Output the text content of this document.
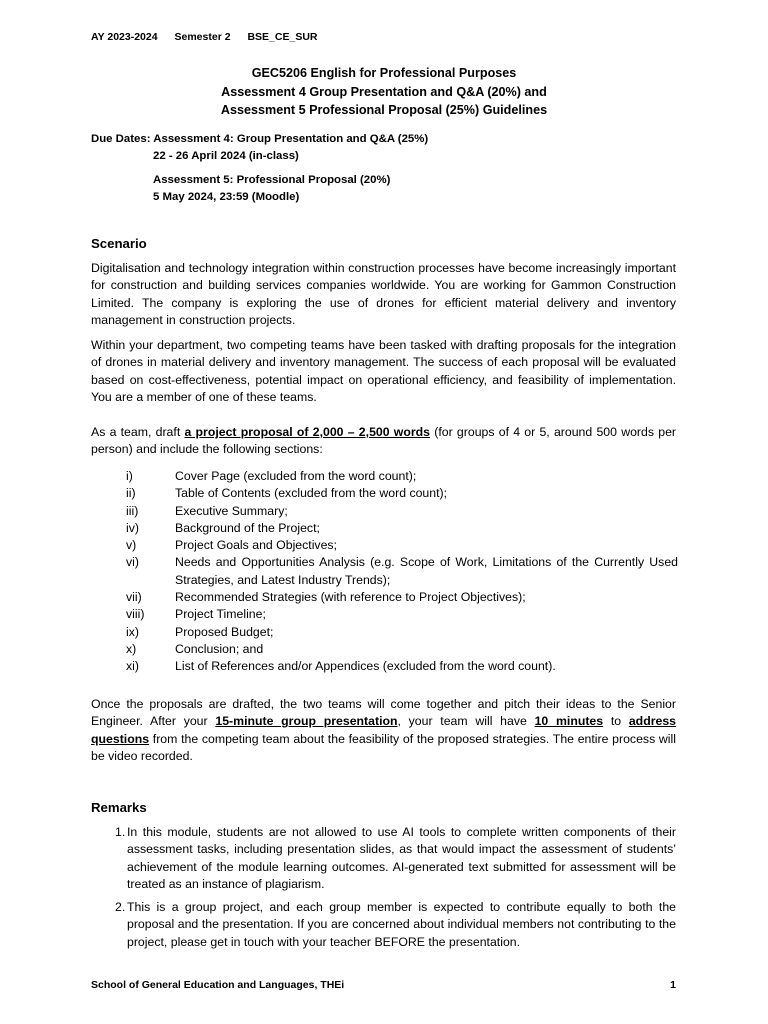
AY 2023-2024 Semester 2 BSE_CE_SUR
GEC5206 English for Professional Purposes
Assessment 4 Group Presentation and Q&A (20%) and
Assessment 5 Professional Proposal (25%) Guidelines
Due Dates: Assessment 4: Group Presentation and Q&A (25%)
22 - 26 April 2024 (in-class)
Assessment 5: Professional Proposal (20%)
5 May 2024, 23:59 (Moodle)
Scenario
Digitalisation and technology integration within construction processes have become increasingly important for construction and building services companies worldwide. You are working for Gammon Construction Limited. The company is exploring the use of drones for efficient material delivery and inventory management in construction projects.
Within your department, two competing teams have been tasked with drafting proposals for the integration of drones in material delivery and inventory management. The success of each proposal will be evaluated based on cost-effectiveness, potential impact on operational efficiency, and feasibility of implementation. You are a member of one of these teams.
As a team, draft a project proposal of 2,000 – 2,500 words (for groups of 4 or 5, around 500 words per person) and include the following sections:
i)	Cover Page (excluded from the word count);
ii)	Table of Contents (excluded from the word count);
iii)	Executive Summary;
iv)	Background of the Project;
v)	Project Goals and Objectives;
vi)	Needs and Opportunities Analysis (e.g. Scope of Work, Limitations of the Currently Used Strategies, and Latest Industry Trends);
vii)	Recommended Strategies (with reference to Project Objectives);
viii)	Project Timeline;
ix)	Proposed Budget;
x)	Conclusion; and
xi)	List of References and/or Appendices (excluded from the word count).
Once the proposals are drafted, the two teams will come together and pitch their ideas to the Senior Engineer. After your 15-minute group presentation, your team will have 10 minutes to address questions from the competing team about the feasibility of the proposed strategies. The entire process will be video recorded.
Remarks
1. In this module, students are not allowed to use AI tools to complete written components of their assessment tasks, including presentation slides, as that would impact the assessment of students’ achievement of the module learning outcomes. AI-generated text submitted for assessment will be treated as an instance of plagiarism.
2. This is a group project, and each group member is expected to contribute equally to both the proposal and the presentation. If you are concerned about individual members not contributing to the project, please get in touch with your teacher BEFORE the presentation.
School of General Education and Languages, THEi	1
